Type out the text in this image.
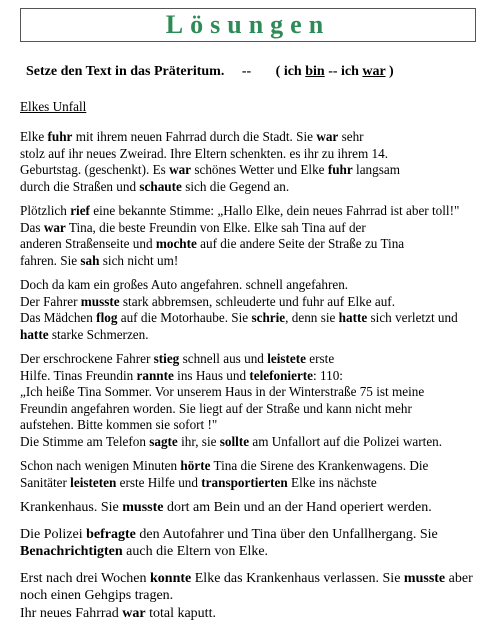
Lösungen
Setze den Text in das Präteritum.     --       ( ich bin -- ich war )
Elkes Unfall
Elke fuhr mit ihrem neuen Fahrrad durch die Stadt. Sie war sehr
stolz auf ihr neues Zweirad. Ihre Eltern schenkten. es ihr zu ihrem 14.
Geburtstag. (geschenkt). Es war schönes Wetter und Elke fuhr langsam
durch die Straßen und schaute sich die Gegend an.
Plötzlich rief eine bekannte Stimme: „Hallo Elke, dein neues Fahrrad ist aber toll!"
Das war Tina, die beste Freundin von Elke. Elke sah Tina auf der
anderen Straßenseite und mochte auf die andere Seite der Straße zu Tina
fahren. Sie sah sich nicht um!
Doch da kam ein großes Auto angefahren. schnell angefahren.
Der Fahrer musste stark abbremsen, schleuderte und fuhr auf Elke auf.
Das Mädchen flog auf die Motorhaube. Sie schrie, denn sie hatte sich verletzt und
hatte starke Schmerzen.
Der erschrockene Fahrer stieg schnell aus und leistete erste
Hilfe. Tinas Freundin rannte ins Haus und telefonierte: 110:
„Ich heiße Tina Sommer. Vor unserem Haus in der Winterstraße 75 ist meine
Freundin angefahren worden. Sie liegt auf der Straße und kann nicht mehr
aufstehen. Bitte kommen sie sofort !"
Die Stimme am Telefon sagte ihr, sie sollte am Unfallort auf die Polizei warten.
Schon nach wenigen Minuten hörte Tina die Sirene des Krankenwagens. Die
Sanitäter leisteten erste Hilfe und transportierten Elke ins nächste
Krankenhaus. Sie musste dort am Bein und an der Hand operiert werden.
Die Polizei befragte den Autofahrer und Tina über den Unfallhergang. Sie
Benachrichtigten auch die Eltern von Elke.
Erst nach drei Wochen konnte Elke das Krankenhaus verlassen. Sie musste aber
noch einen Gehgips tragen.
Ihr neues Fahrrad war total kaputt.
